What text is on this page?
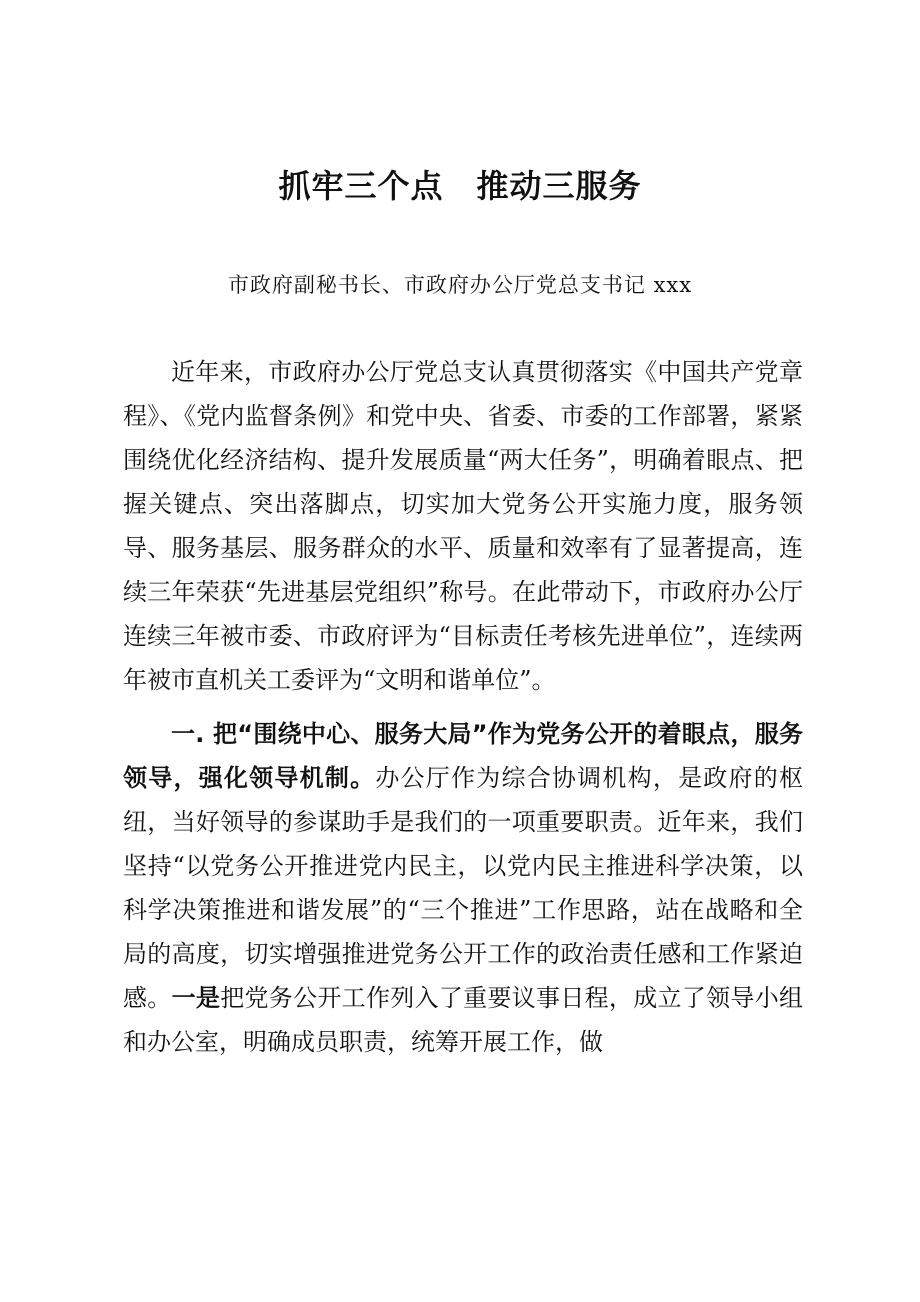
抓牢三个点　推动三服务
市政府副秘书长、市政府办公厅党总支书记 xxx

近年来，市政府办公厅党总支认真贯彻落实《中国共产党章程》、《党内监督条例》和党中央、省委、市委的工作部署，紧紧围绕优化经济结构、提升发展质量“两大任务”，明确着眼点、把握关键点、突出落脚点，切实加大党务公开实施力度，服务领导、服务基层、服务群众的水平、质量和效率有了显著提高，连续三年荣获“先进基层党组织”称号。在此带动下，市政府办公厅连续三年被市委、市政府评为“目标责任考核先进单位”，连续两年被市直机关工委评为“文明和谐单位”。

一. 把“围绕中心、服务大局”作为党务公开的着眼点，服务领导，强化领导机制。办公厅作为综合协调机构，是政府的枢纽，当好领导的参谋助手是我们的一项重要职责。近年来，我们坚持“以党务公开推进党内民主，以党内民主推进科学决策，以科学决策推进和谐发展”的“三个推进”工作思路，站在战略和全局的高度，切实增强推进党务公开工作的政治责任感和工作紧迫感。一是把党务公开工作列入了重要议事日程，成立了领导小组和办公室，明确成员职责，统筹开展工作，做
